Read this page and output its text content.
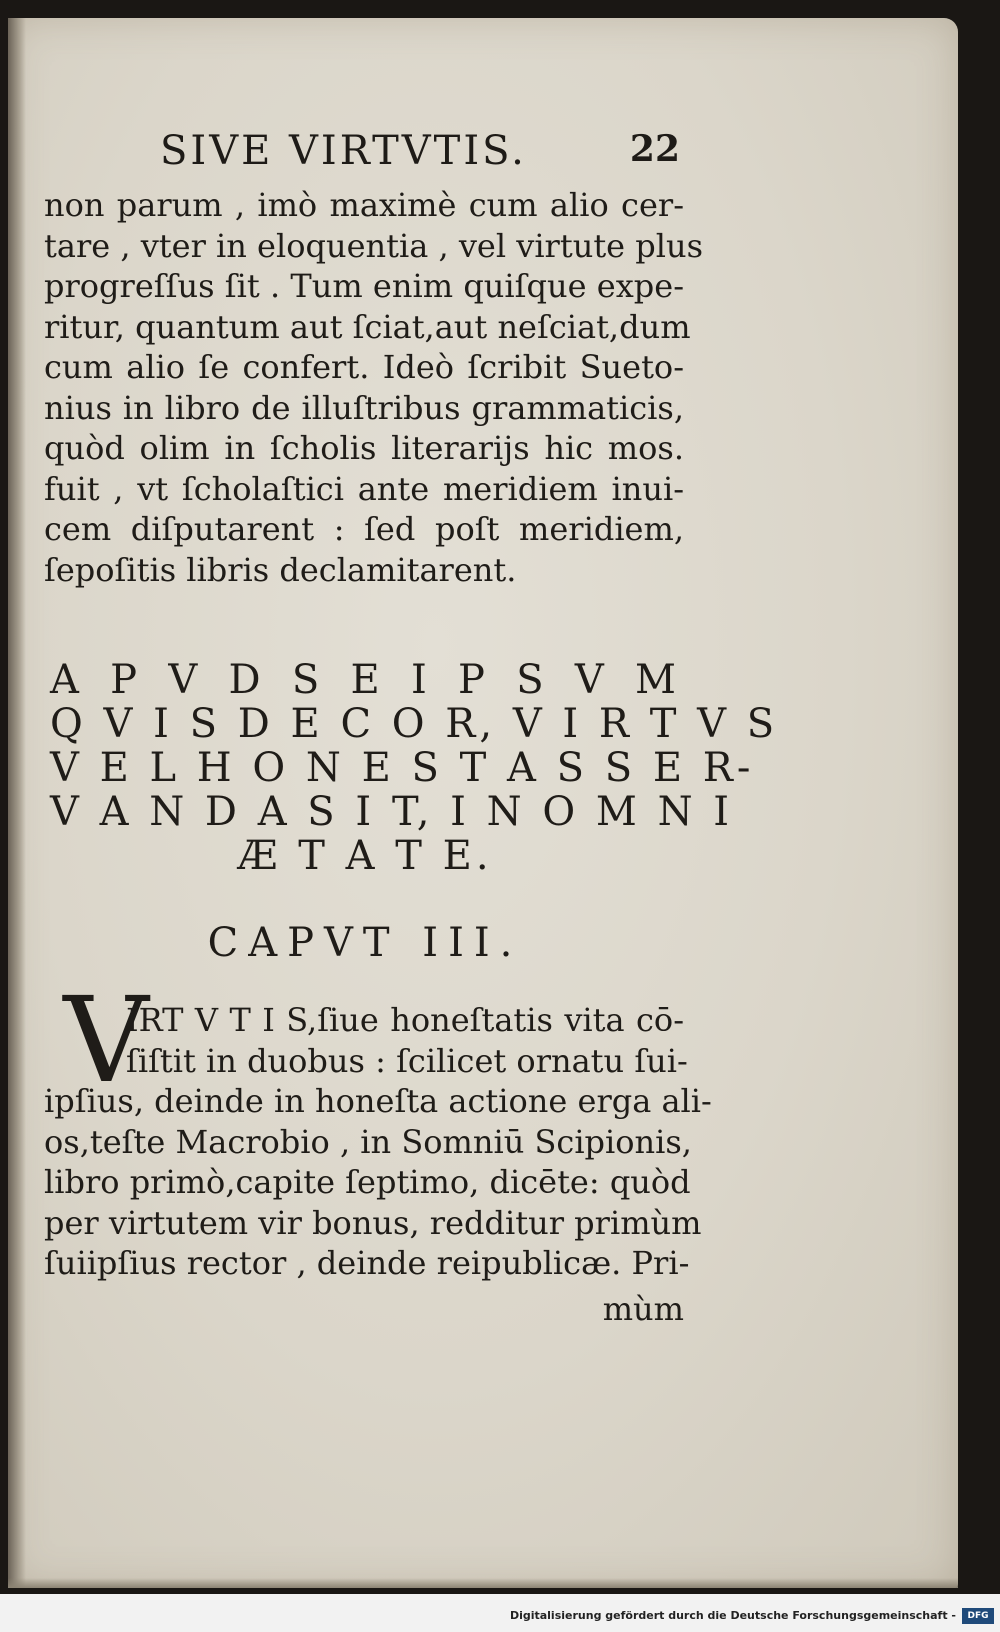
SIVE VIRTVTIS.	22
non parum , imò maximè cum alio cer-
tare , vter in eloquentia , vel virtute plus
progreſſus ſit . Tum enim quiſque expe-
ritur, quantum aut ſciat,aut neſciat,dum
cum alio ſe confert. Ideò ſcribit Sueto-
nius in libro de illuſtribus grammaticis,
quòd olim in ſcholis literarijs hic mos.
fuit , vt ſcholaſtici ante meridiem inui-
cem diſputarent : ſed poſt meridiem,
ſepoſitis libris declamitarent.
A P V D S E I P S V M
Q V I S D E C O R, V I R T V S
V E L H O N E S T A S S E R-
V A N D A S I T, I N O M N I
Æ T A T E.
CAPVT III.
V
IRT V T I S,ſiue honeſtatis vita cō-
ſiſtit in duobus : ſcilicet ornatu ſui-
ipſius, deinde in honeſta actione erga ali-
os,teſte Macrobio , in Somniū Scipionis,
libro primò,capite ſeptimo, dicēte: quòd
per virtutem vir bonus, redditur primùm
ſuiipſius rector , deinde reipublicæ. Pri-
mùm
Digitalisierung gefördert durch die Deutsche Forschungsgemeinschaft -	DFG
